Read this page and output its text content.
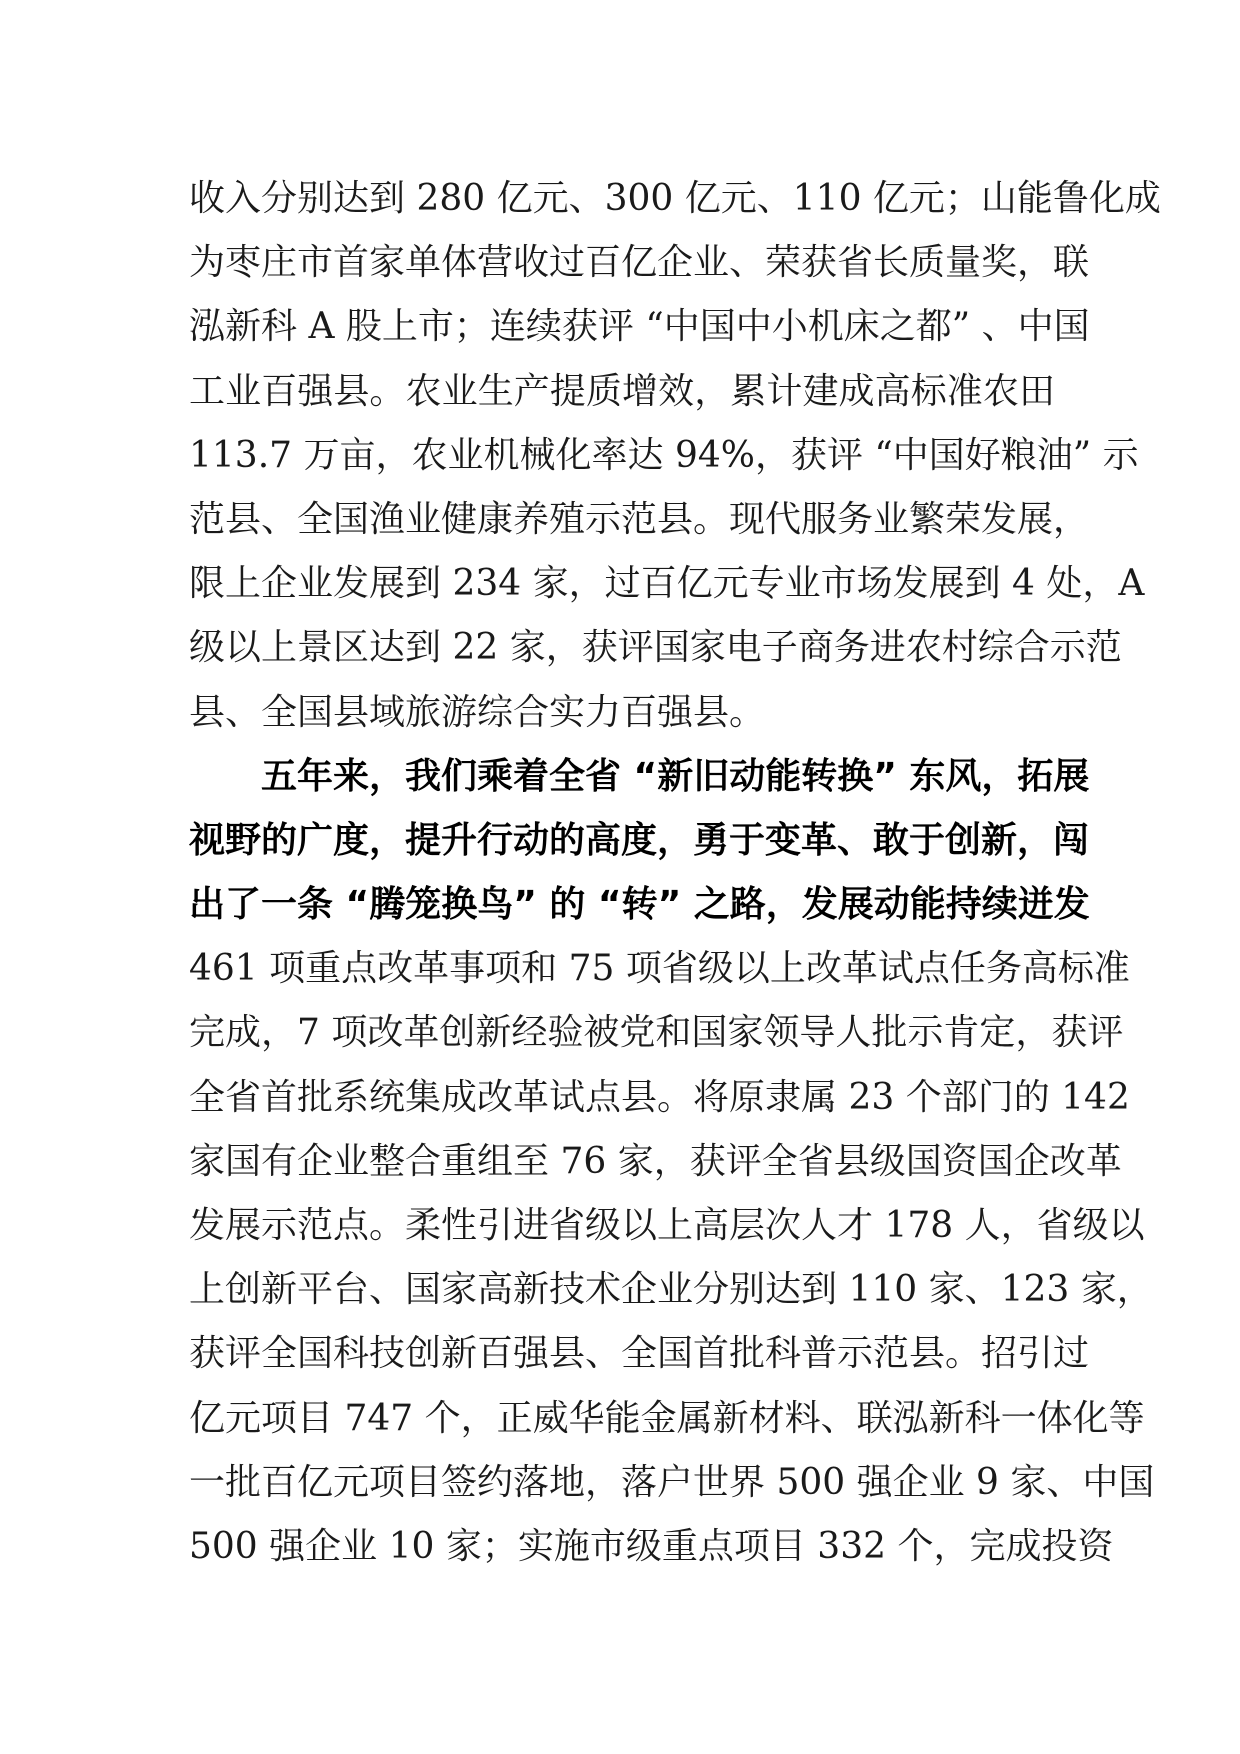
收入分别达到 280 亿元、300 亿元、110 亿元；山能鲁化成
为枣庄市首家单体营收过百亿企业、荣获省长质量奖，联
泓新科 A 股上市；连续获评 “中国中小机床之都” 、中国
工业百强县。农业生产提质增效，累计建成高标准农田
113.7 万亩，农业机械化率达 94%，获评 “中国好粮油” 示
范县、全国渔业健康养殖示范县。现代服务业繁荣发展，
限上企业发展到 234 家，过百亿元专业市场发展到 4 处，A
级以上景区达到 22 家，获评国家电子商务进农村综合示范
县、全国县域旅游综合实力百强县。
五年来，我们乘着全省 “新旧动能转换” 东风，拓展
视野的广度，提升行动的高度，勇于变革、敢于创新，闯
出了一条 “腾笼换鸟” 的 “转” 之路，发展动能持续迸发
461 项重点改革事项和 75 项省级以上改革试点任务高标准
完成，7 项改革创新经验被党和国家领导人批示肯定，获评
全省首批系统集成改革试点县。将原隶属 23 个部门的 142
家国有企业整合重组至 76 家，获评全省县级国资国企改革
发展示范点。柔性引进省级以上高层次人才 178 人，省级以
上创新平台、国家高新技术企业分别达到 110 家、123 家，
获评全国科技创新百强县、全国首批科普示范县。招引过
亿元项目 747 个，正威华能金属新材料、联泓新科一体化等
一批百亿元项目签约落地，落户世界 500 强企业 9 家、中国
500 强企业 10 家；实施市级重点项目 332 个，完成投资
